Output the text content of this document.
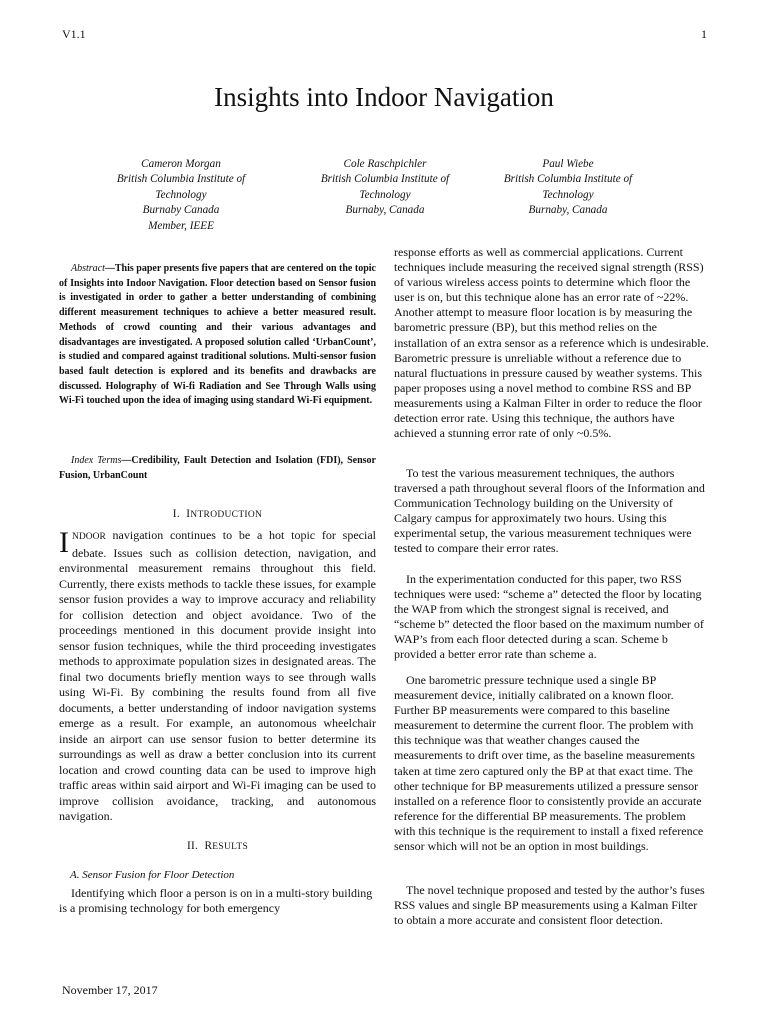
V1.1	1
Insights into Indoor Navigation
Cameron Morgan
British Columbia Institute of
Technology
Burnaby Canada
Member, IEEE
Cole Raschpichler
British Columbia Institute of
Technology
Burnaby, Canada
Paul Wiebe
British Columbia Institute of
Technology
Burnaby, Canada
Abstract—This paper presents five papers that are centered on the topic of Insights into Indoor Navigation. Floor detection based on Sensor fusion is investigated in order to gather a better understanding of combining different measurement techniques to achieve a better measured result. Methods of crowd counting and their various advantages and disadvantages are investigated. A proposed solution called ‘UrbanCount’, is studied and compared against traditional solutions. Multi-sensor fusion based fault detection is explored and its benefits and drawbacks are discussed. Holography of Wi-fi Radiation and See Through Walls using Wi-Fi touched upon the idea of imaging using standard Wi-Fi equipment.
Index Terms—Credibility, Fault Detection and Isolation (FDI), Sensor Fusion, UrbanCount
I. INTRODUCTION
INDOOR navigation continues to be a hot topic for special debate. Issues such as collision detection, navigation, and environmental measurement remains throughout this field. Currently, there exists methods to tackle these issues, for example sensor fusion provides a way to improve accuracy and reliability for collision detection and object avoidance. Two of the proceedings mentioned in this document provide insight into sensor fusion techniques, while the third proceeding investigates methods to approximate population sizes in designated areas. The final two documents briefly mention ways to see through walls using Wi-Fi. By combining the results found from all five documents, a better understanding of indoor navigation systems emerge as a result. For example, an autonomous wheelchair inside an airport can use sensor fusion to better determine its surroundings as well as draw a better conclusion into its current location and crowd counting data can be used to improve high traffic areas within said airport and Wi-Fi imaging can be used to improve collision avoidance, tracking, and autonomous navigation.
II. RESULTS
A. Sensor Fusion for Floor Detection
Identifying which floor a person is on in a multi-story building is a promising technology for both emergency
response efforts as well as commercial applications. Current techniques include measuring the received signal strength (RSS) of various wireless access points to determine which floor the user is on, but this technique alone has an error rate of ~22%. Another attempt to measure floor location is by measuring the barometric pressure (BP), but this method relies on the installation of an extra sensor as a reference which is undesirable. Barometric pressure is unreliable without a reference due to natural fluctuations in pressure caused by weather systems. This paper proposes using a novel method to combine RSS and BP measurements using a Kalman Filter in order to reduce the floor detection error rate. Using this technique, the authors have achieved a stunning error rate of only ~0.5%.
To test the various measurement techniques, the authors traversed a path throughout several floors of the Information and Communication Technology building on the University of Calgary campus for approximately two hours. Using this experimental setup, the various measurement techniques were tested to compare their error rates.
In the experimentation conducted for this paper, two RSS techniques were used: “scheme a” detected the floor by locating the WAP from which the strongest signal is received, and “scheme b” detected the floor based on the maximum number of WAP’s from each floor detected during a scan. Scheme b provided a better error rate than scheme a.
One barometric pressure technique used a single BP measurement device, initially calibrated on a known floor. Further BP measurements were compared to this baseline measurement to determine the current floor. The problem with this technique was that weather changes caused the measurements to drift over time, as the baseline measurements taken at time zero captured only the BP at that exact time. The other technique for BP measurements utilized a pressure sensor installed on a reference floor to consistently provide an accurate reference for the differential BP measurements. The problem with this technique is the requirement to install a fixed reference sensor which will not be an option in most buildings.
The novel technique proposed and tested by the author’s fuses RSS values and single BP measurements using a Kalman Filter to obtain a more accurate and consistent floor detection.
November 17, 2017
